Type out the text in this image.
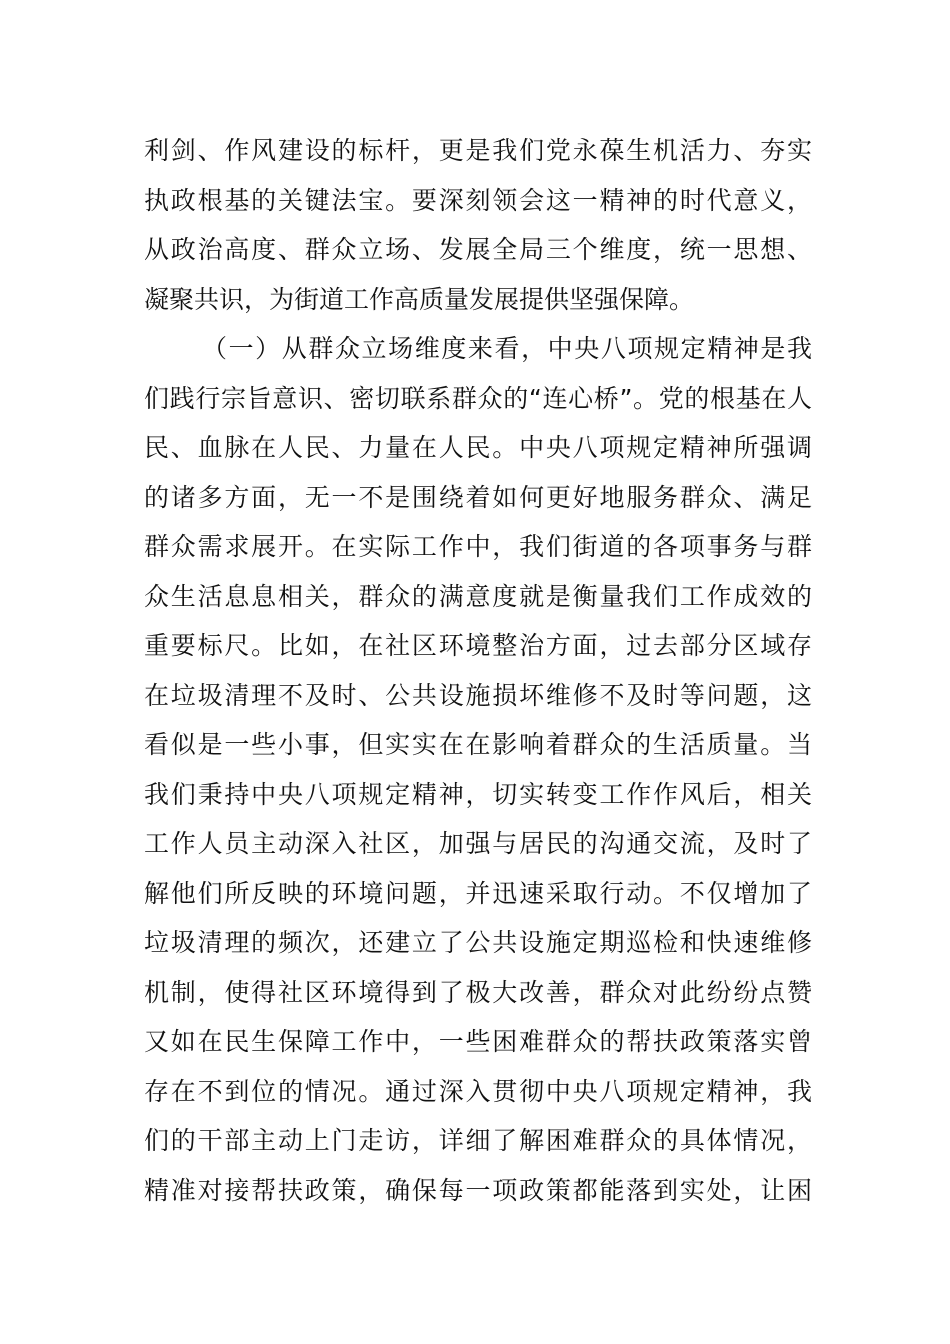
利剑、作风建设的标杆，更是我们党永葆生机活力、夯实
执政根基的关键法宝。要深刻领会这一精神的时代意义，
从政治高度、群众立场、发展全局三个维度，统一思想、
凝聚共识，为街道工作高质量发展提供坚强保障。
（一）从群众立场维度来看，中央八项规定精神是我
们践行宗旨意识、密切联系群众的“连心桥”。党的根基在人
民、血脉在人民、力量在人民。中央八项规定精神所强调
的诸多方面，无一不是围绕着如何更好地服务群众、满足
群众需求展开。在实际工作中，我们街道的各项事务与群
众生活息息相关，群众的满意度就是衡量我们工作成效的
重要标尺。比如，在社区环境整治方面，过去部分区域存
在垃圾清理不及时、公共设施损坏维修不及时等问题，这
看似是一些小事，但实实在在影响着群众的生活质量。当
我们秉持中央八项规定精神，切实转变工作作风后，相关
工作人员主动深入社区，加强与居民的沟通交流，及时了
解他们所反映的环境问题，并迅速采取行动。不仅增加了
垃圾清理的频次，还建立了公共设施定期巡检和快速维修
机制，使得社区环境得到了极大改善，群众对此纷纷点赞
又如在民生保障工作中，一些困难群众的帮扶政策落实曾
存在不到位的情况。通过深入贯彻中央八项规定精神，我
们的干部主动上门走访，详细了解困难群众的具体情况，
精准对接帮扶政策，确保每一项政策都能落到实处，让困
